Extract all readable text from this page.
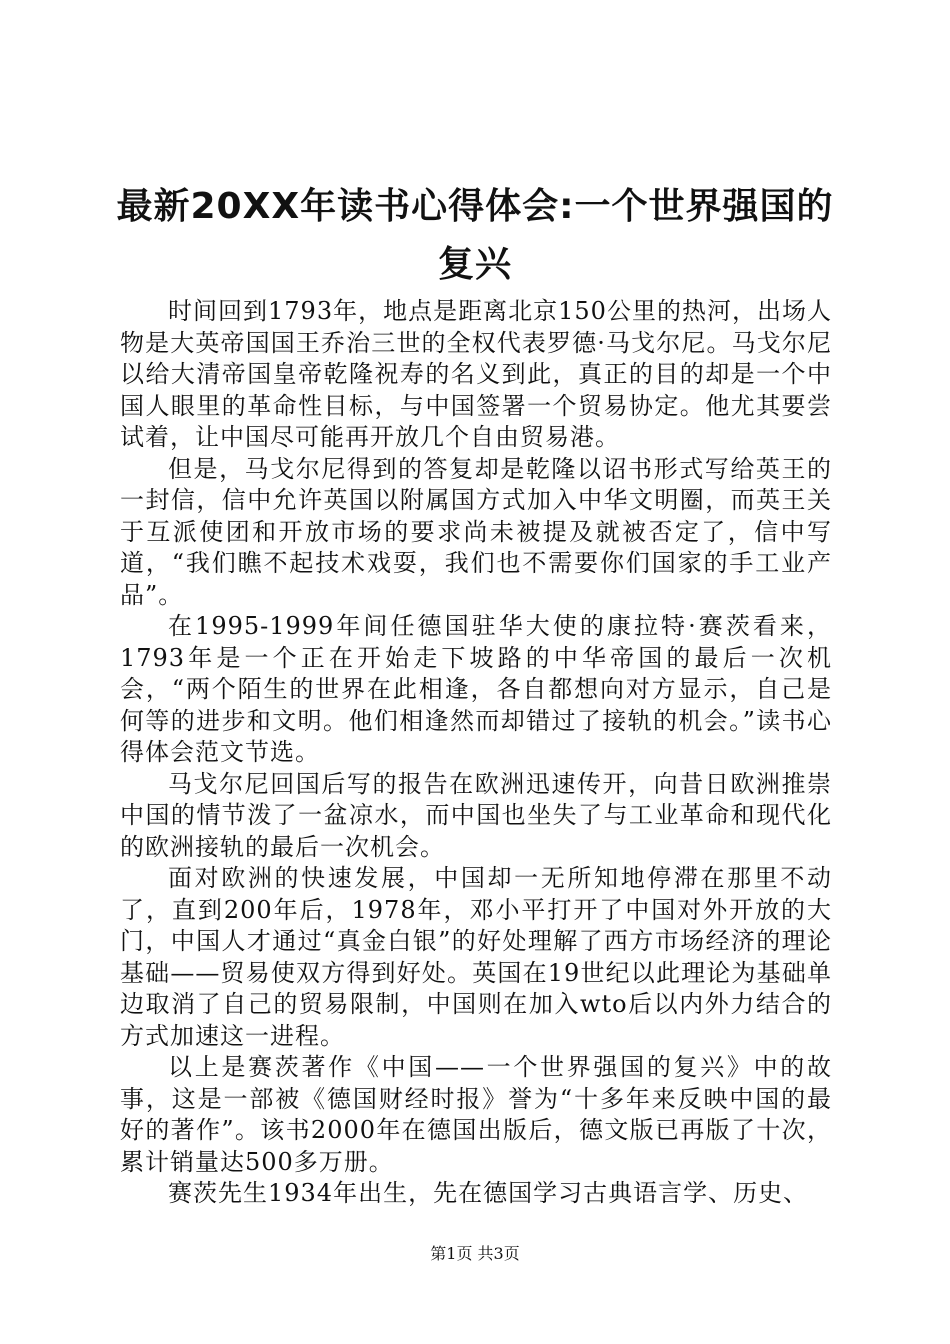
最新20XX年读书心得体会:一个世界强国的复兴

时间回到1793年，地点是距离北京150公里的热河，出场人物是大英帝国国王乔治三世的全权代表罗德·马戈尔尼。马戈尔尼以给大清帝国皇帝乾隆祝寿的名义到此，真正的目的却是一个中国人眼里的革命性目标，与中国签署一个贸易协定。他尤其要尝试着，让中国尽可能再开放几个自由贸易港。

但是，马戈尔尼得到的答复却是乾隆以诏书形式写给英王的一封信，信中允许英国以附属国方式加入中华文明圈，而英王关于互派使团和开放市场的要求尚未被提及就被否定了，信中写道，“我们瞧不起技术戏耍，我们也不需要你们国家的手工业产品”。

在1995-1999年间任德国驻华大使的康拉特·赛茨看来，1793年是一个正在开始走下坡路的中华帝国的最后一次机会，“两个陌生的世界在此相逢，各自都想向对方显示，自己是何等的进步和文明。他们相逢然而却错过了接轨的机会。”读书心得体会范文节选。

马戈尔尼回国后写的报告在欧洲迅速传开，向昔日欧洲推崇中国的情节泼了一盆凉水，而中国也坐失了与工业革命和现代化的欧洲接轨的最后一次机会。

面对欧洲的快速发展，中国却一无所知地停滞在那里不动了，直到200年后，1978年，邓小平打开了中国对外开放的大门，中国人才通过“真金白银”的好处理解了西方市场经济的理论基础——贸易使双方得到好处。英国在19世纪以此理论为基础单边取消了自己的贸易限制，中国则在加入wto后以内外力结合的方式加速这一进程。

以上是赛茨著作《中国——一个世界强国的复兴》中的故事，这是一部被《德国财经时报》誉为“十多年来反映中国的最好的著作”。该书2000年在德国出版后，德文版已再版了十次，累计销量达500多万册。

赛茨先生1934年出生，先在德国学习古典语言学、历史、

第1页 共3页
